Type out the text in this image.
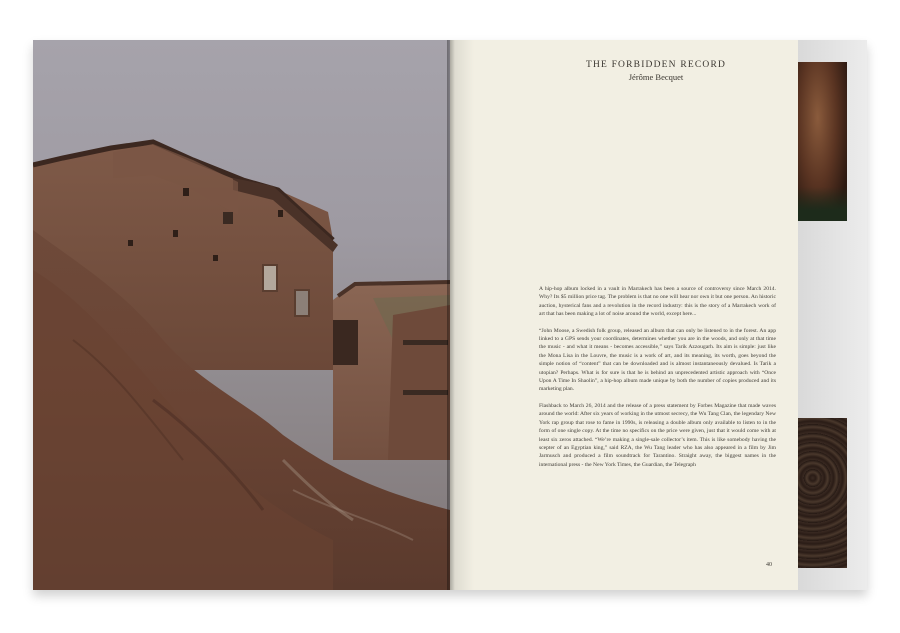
THE FORBIDDEN RECORD
Jérôme Becquet

A hip-hop album locked in a vault in Marrakech has been a source of controversy since March 2014. Why? Its $5 million price tag. The problem is that no one will hear nor own it but one person. An historic auction, hysterical fans and a revolution in the record industry: this is the story of a Marrakech work of art that has been making a lot of noise around the world, except here...

“John Moose, a Swedish folk group, released an album that can only be listened to in the forest. An app linked to a GPS sends your coordinates, determines whether you are in the woods, and only at that time the music - and what it means - becomes accessible,” says Tarik Azzougarh. Its aim is simple: just like the Mona Lisa in the Louvre, the music is a work of art, and its meaning, its worth, goes beyond the simple notion of “content” that can be downloaded and is almost instantaneously devalued. Is Tarik a utopian? Perhaps. What is for sure is that he is behind an unprecedented artistic approach with “Once Upon A Time In Shaolin”, a hip-hop album made unique by both the number of copies produced and its marketing plan.

Flashback to March 26, 2014 and the release of a press statement by Forbes Magazine that made waves around the world: After six years of working in the utmost secrecy, the Wu Tang Clan, the legendary New York rap group that rose to fame in 1990s, is releasing a double album only available to listen to in the form of one single copy. At the time no specifics on the price were given, just that it would come with at least six zeros attached. “We’re making a single-sale collector’s item. This is like somebody having the scepter of an Egyptian king,” said RZA, the Wu Tang leader who has also appeared in a film by Jim Jarmusch and produced a film soundtrack for Tarantino. Straight away, the biggest names in the international press - the New York Times, the Guardian, the Telegraph

40
